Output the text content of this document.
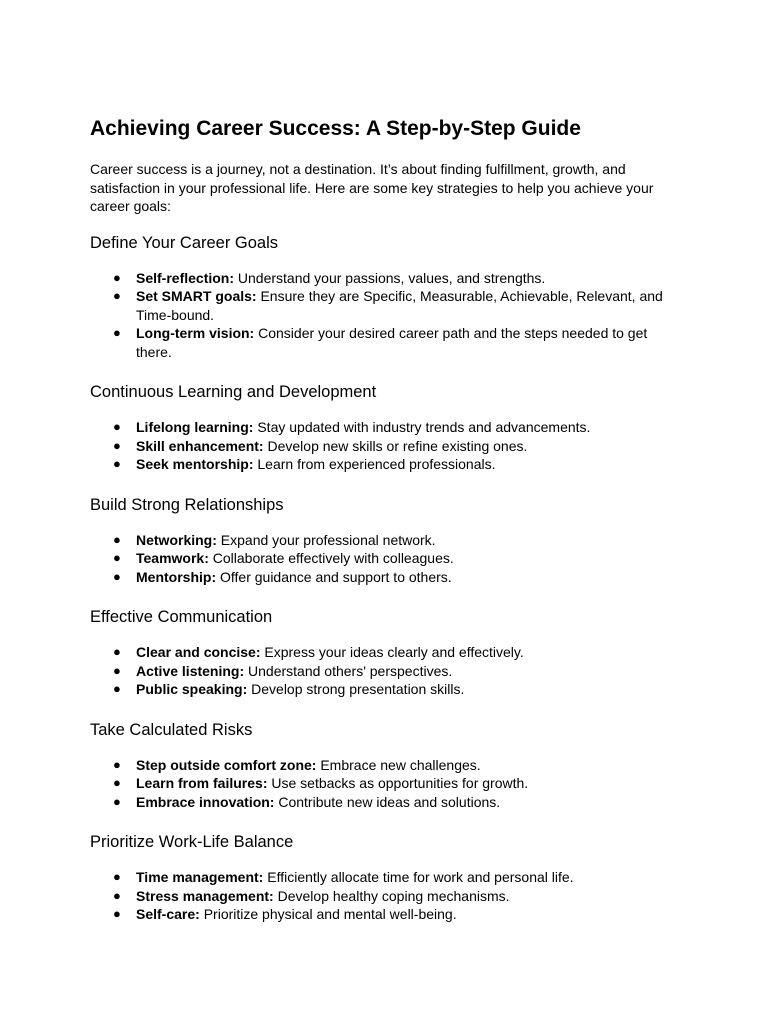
Achieving Career Success: A Step-by-Step Guide

Career success is a journey, not a destination. It’s about finding fulfillment, growth, and satisfaction in your professional life. Here are some key strategies to help you achieve your career goals:

Define Your Career Goals
● Self-reflection: Understand your passions, values, and strengths.
● Set SMART goals: Ensure they are Specific, Measurable, Achievable, Relevant, and Time-bound.
● Long-term vision: Consider your desired career path and the steps needed to get there.
Continuous Learning and Development
● Lifelong learning: Stay updated with industry trends and advancements.
● Skill enhancement: Develop new skills or refine existing ones.
● Seek mentorship: Learn from experienced professionals.
Build Strong Relationships
● Networking: Expand your professional network.
● Teamwork: Collaborate effectively with colleagues.
● Mentorship: Offer guidance and support to others.
Effective Communication
● Clear and concise: Express your ideas clearly and effectively.
● Active listening: Understand others' perspectives.
● Public speaking: Develop strong presentation skills.
Take Calculated Risks
● Step outside comfort zone: Embrace new challenges.
● Learn from failures: Use setbacks as opportunities for growth.
● Embrace innovation: Contribute new ideas and solutions.
Prioritize Work-Life Balance
● Time management: Efficiently allocate time for work and personal life.
● Stress management: Develop healthy coping mechanisms.
● Self-care: Prioritize physical and mental well-being.
